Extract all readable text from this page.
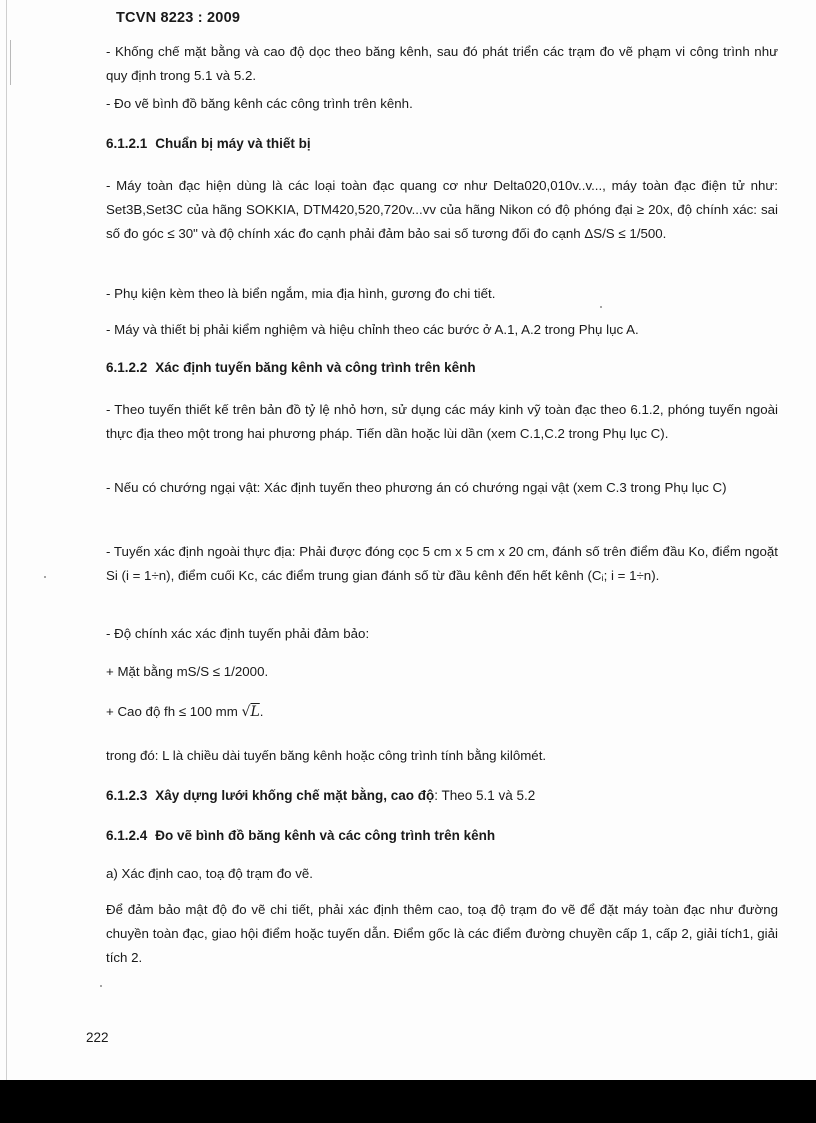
TCVN 8223 : 2009

- Khống chế mặt bằng và cao độ dọc theo băng kênh, sau đó phát triển các trạm đo vẽ phạm vi công trình như quy định trong 5.1 và 5.2.

- Đo vẽ bình đồ băng kênh các công trình trên kênh.

6.1.2.1 Chuẩn bị máy và thiết bị

- Máy toàn đạc hiện dùng là các loại toàn đạc quang cơ như Delta020,010v..v..., máy toàn đạc điện tử như: Set3B,Set3C của hãng SOKKIA, DTM420,520,720v...vv của hãng Nikon có độ phóng đại ≥ 20x, độ chính xác: sai số đo góc ≤ 30" và độ chính xác đo cạnh phải đảm bảo sai số tương đối đo cạnh ΔS/S ≤ 1/500.

- Phụ kiện kèm theo là biển ngắm, mia địa hình, gương đo chi tiết.

- Máy và thiết bị phải kiểm nghiệm và hiệu chỉnh theo các bước ở A.1, A.2 trong Phụ lục A.

6.1.2.2 Xác định tuyến băng kênh và công trình trên kênh

- Theo tuyến thiết kế trên bản đồ tỷ lệ nhỏ hơn, sử dụng các máy kinh vỹ toàn đạc theo 6.1.2, phóng tuyến ngoài thực địa theo một trong hai phương pháp. Tiến dần hoặc lùi dần (xem C.1,C.2 trong Phụ lục C).

- Nếu có chướng ngại vật: Xác định tuyến theo phương án có chướng ngại vật (xem C.3 trong Phụ lục C)

- Tuyến xác định ngoài thực địa: Phải được đóng cọc 5 cm x 5 cm x 20 cm, đánh số trên điểm đầu Ko, điểm ngoặt Si (i = 1÷n), điểm cuối Kc, các điểm trung gian đánh số từ đầu kênh đến hết kênh (Cᵢ; i = 1÷n).

- Độ chính xác xác định tuyến phải đảm bảo:

+ Mặt bằng mS/S ≤ 1/2000.

+ Cao độ fh ≤ 100 mm √L.

trong đó: L là chiều dài tuyến băng kênh hoặc công trình tính bằng kilômét.

6.1.2.3 Xây dựng lưới khống chế mặt bằng, cao độ: Theo 5.1 và 5.2
6.1.2.4 Đo vẽ bình đồ băng kênh và các công trình trên kênh

a) Xác định cao, toạ độ trạm đo vẽ.

Để đảm bảo mật độ đo vẽ chi tiết, phải xác định thêm cao, toạ độ trạm đo vẽ để đặt máy toàn đạc như đường chuyền toàn đạc, giao hội điểm hoặc tuyến dẫn. Điểm gốc là các điểm đường chuyền cấp 1, cấp 2, giải tích1, giải tích 2.

222
